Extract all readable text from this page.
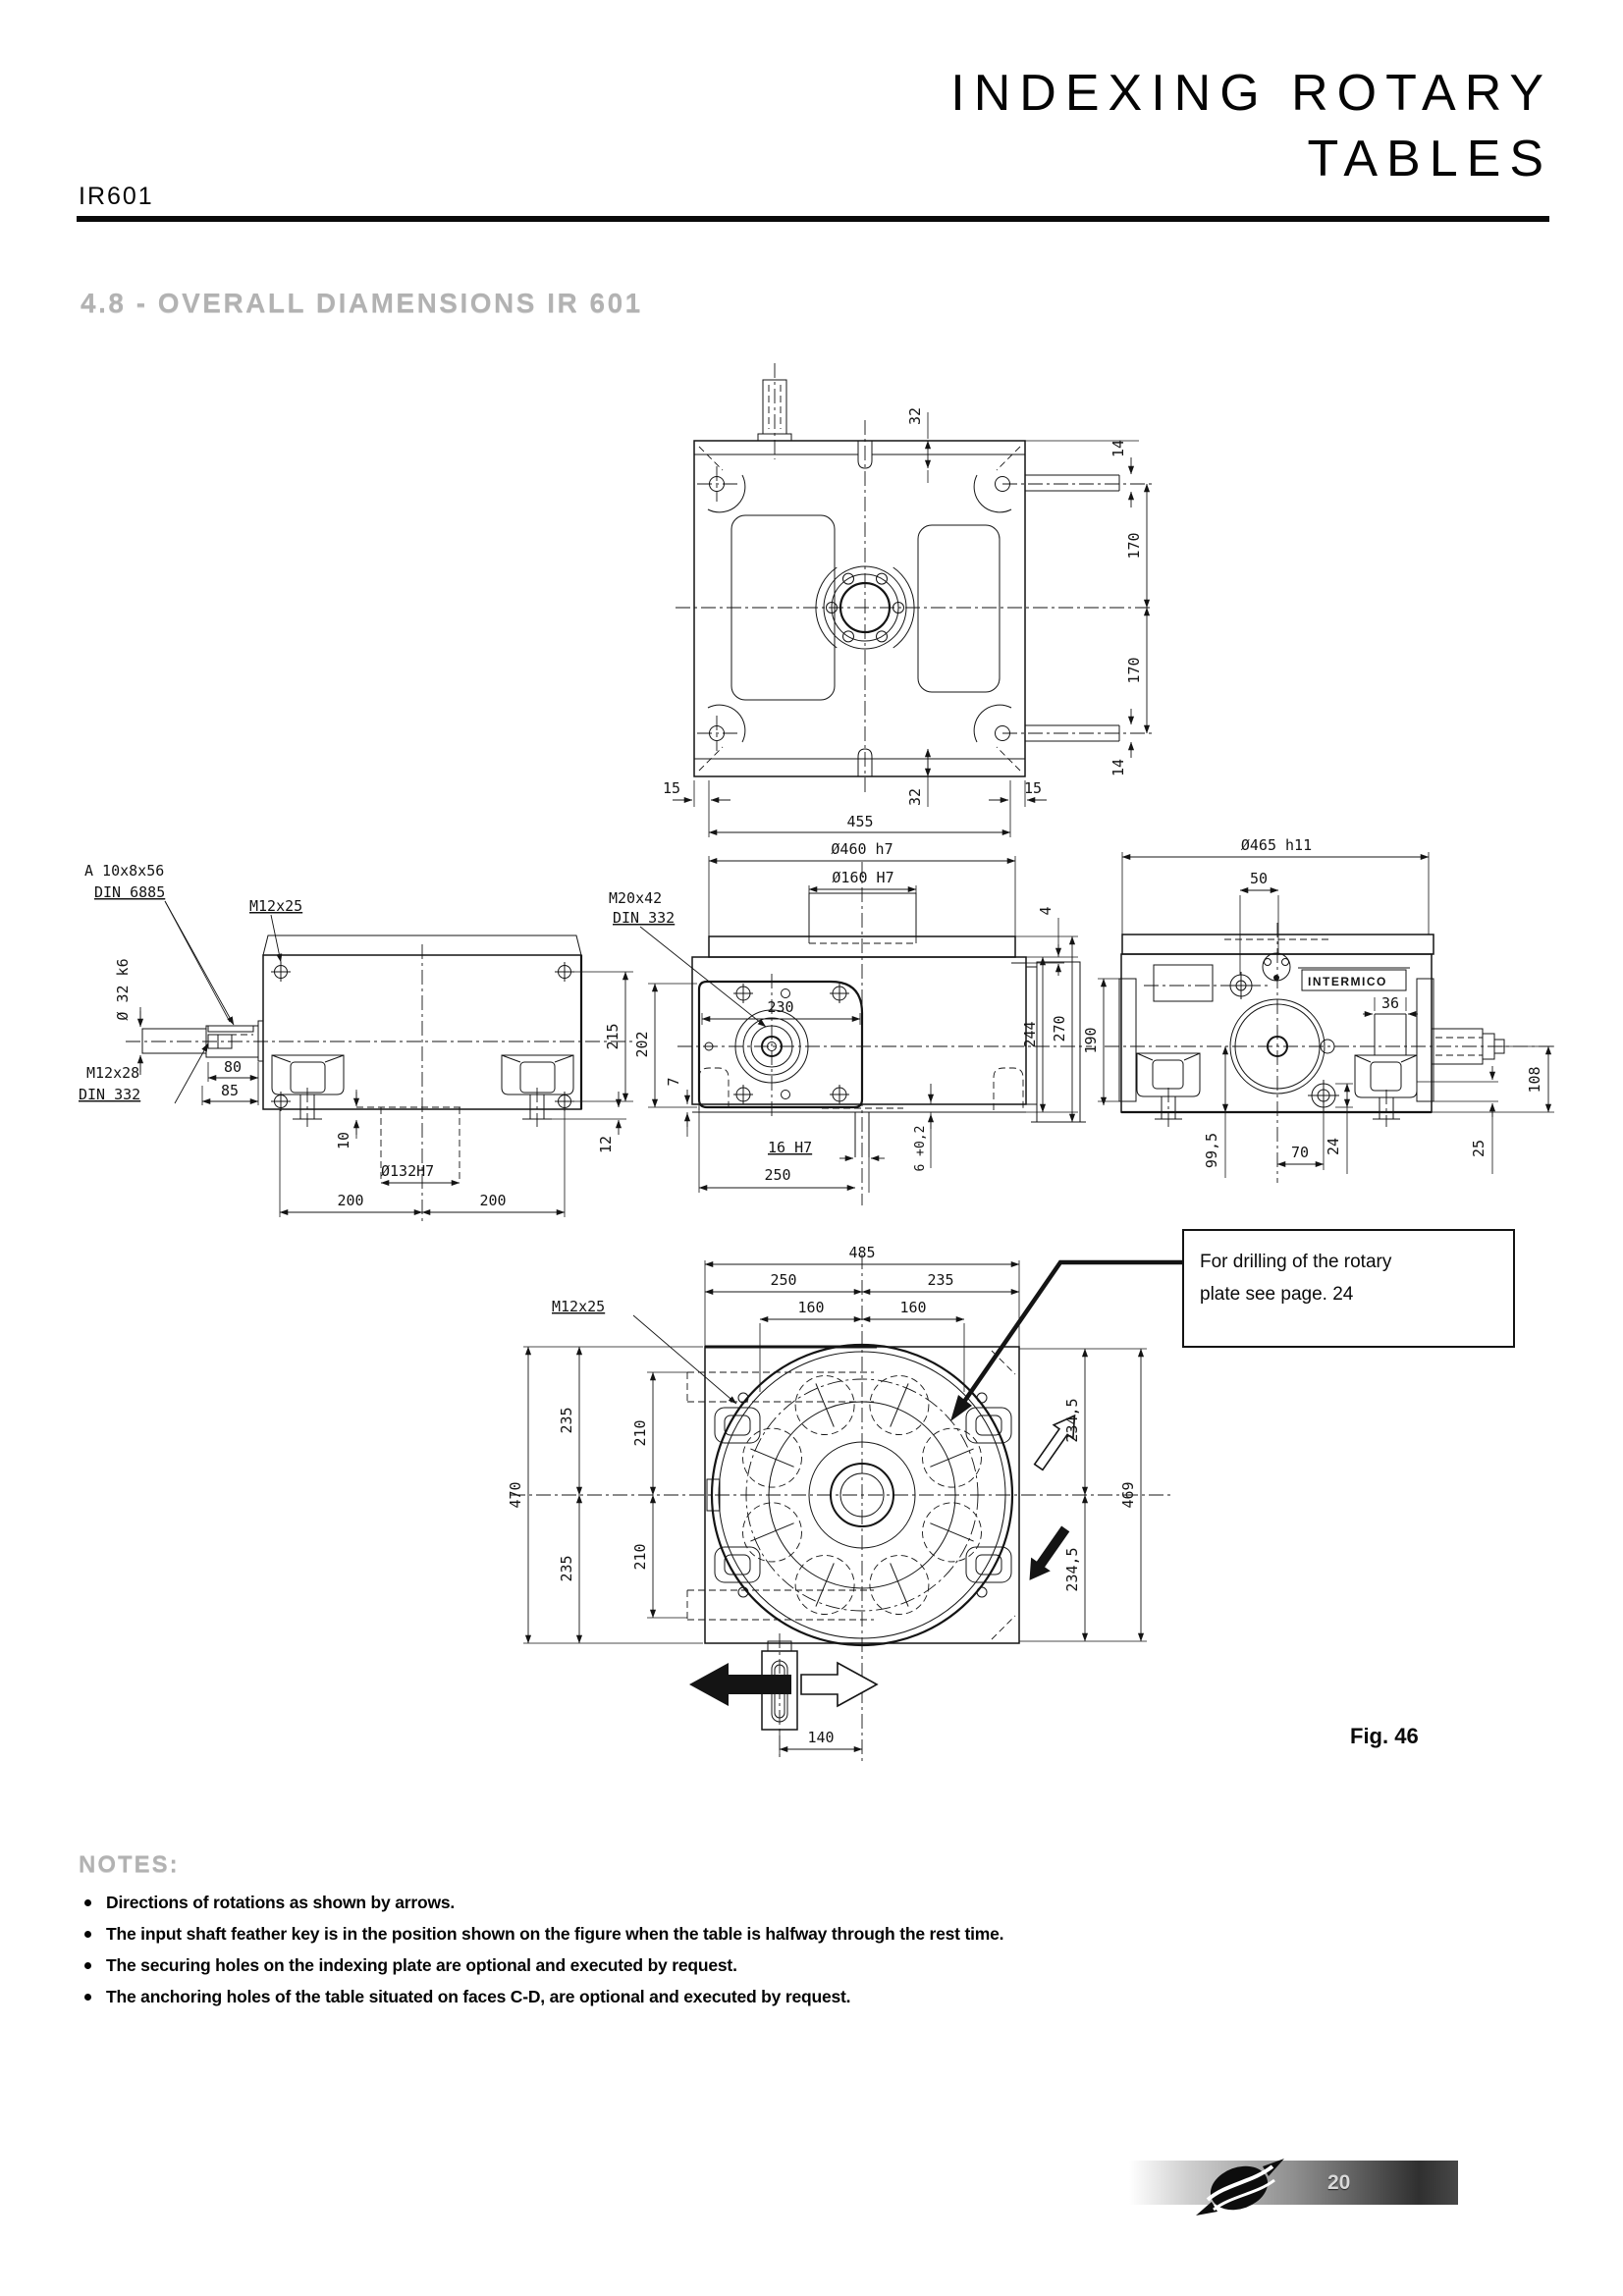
32
14
170
170
14
32
15	15
455
A 10x8x56
DIN 6885
M12x25	M20x42
DIN 332
Ø 32 k6
M12x28
DIN 332
80
85
10
Ø132H7
200	200
215
12
Ø460 h7
Ø160 H7
4
230
202
7
244 270
16 H7
250
6 +0,2
INTERMICO
Ø465 h11
50
36
190
99,5	70 24	25
108
485
250	235
160	160
470
235
235
210
210
234,5
234,5
469
140
M12x25
For drilling of the rotary
plate see page. 24
Fig. 46
INDEXING ROTARY
TABLES
IR601
4.8 - OVERALL DIAMENSIONS IR 601
NOTES:
Directions of rotations as shown by arrows.
The input shaft feather key is in the position shown on the figure when the table is halfway through the rest time.
The securing holes on the indexing plate are optional and executed by request.
The anchoring holes of the table situated on faces C-D, are optional and executed by request.
20
